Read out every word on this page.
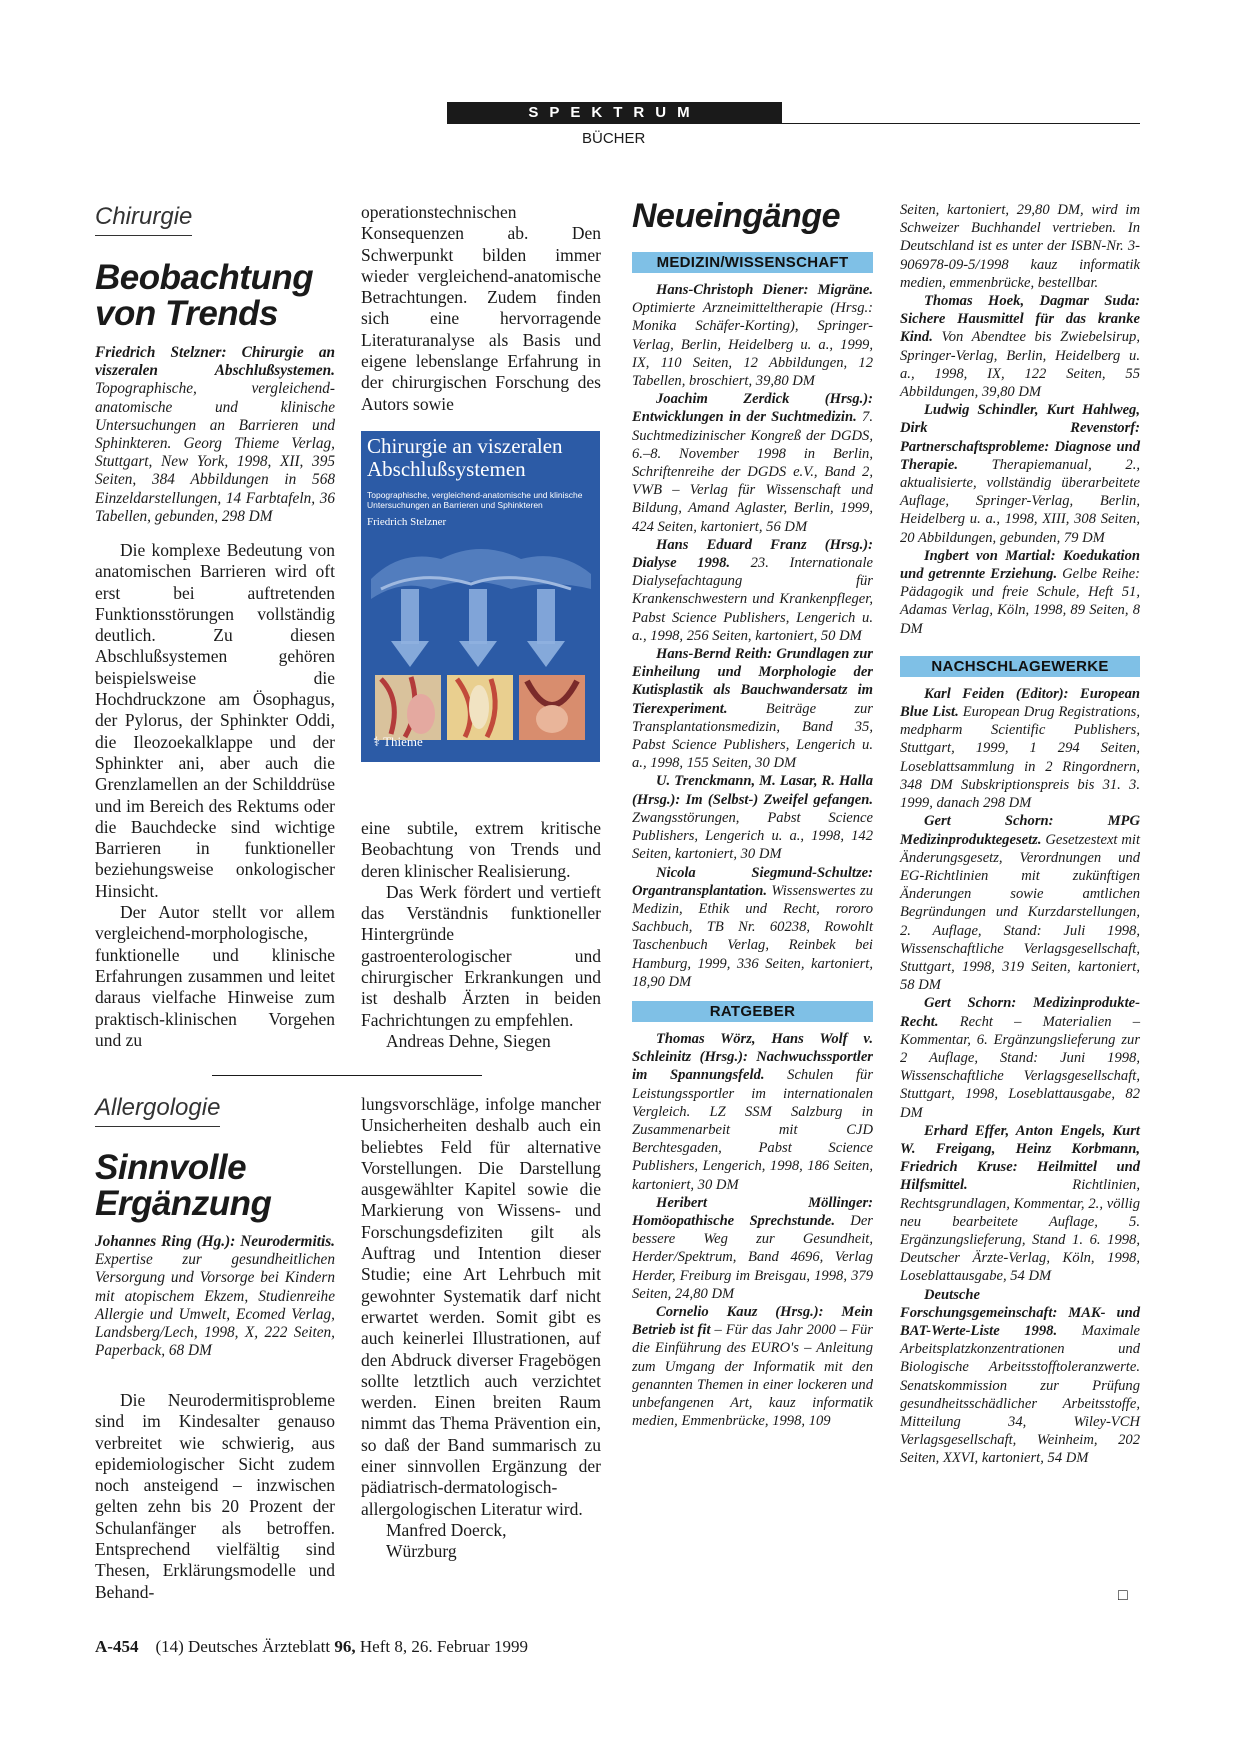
SPEKTRUM
BÜCHER
Chirurgie
Beobachtung von Trends
Friedrich Stelzner: Chirurgie an viszeralen Abschlußsystemen. Topographische, vergleichend-anatomische und klinische Untersuchungen an Barrieren und Sphinkteren. Georg Thieme Verlag, Stuttgart, New York, 1998, XII, 395 Seiten, 384 Abbildungen in 568 Einzeldarstellungen, 14 Farbtafeln, 36 Tabellen, gebunden, 298 DM

Die komplexe Bedeutung von anatomischen Barrieren wird oft erst bei auftretenden Funktionsstörungen vollständig deutlich. Zu diesen Abschlußsystemen gehören beispielsweise die Hochdruckzone am Ösophagus, der Pylorus, der Sphinkter Oddi, die Ileozoekalklappe und der Sphinkter ani, aber auch die Grenzlamellen an der Schilddrüse und im Bereich des Rektums oder die Bauchdecke sind wichtige Barrieren in funktioneller beziehungsweise onkologischer Hinsicht.

Der Autor stellt vor allem vergleichend-morphologische, funktionelle und klinische Erfahrungen zusammen und leitet daraus vielfache Hinweise zum praktisch-klinischen Vorgehen und zu

operationstechnischen Konsequenzen ab. Den Schwerpunkt bilden immer wieder vergleichend-anatomische Betrachtungen. Zudem finden sich eine hervorragende Literaturanalyse als Basis und eigene lebenslange Erfahrung in der chirurgischen Forschung des Autors sowie

Chirurgie an viszeralen Abschlußsystemen
Topographische, vergleichend-anatomische und klinische Untersuchungen an Barrieren und Sphinkteren
Friedrich Stelzner
⚕ Thieme

eine subtile, extrem kritische Beobachtung von Trends und deren klinischer Realisierung.

Das Werk fördert und vertieft das Verständnis funktioneller Hintergründe gastroenterologischer und chirurgischer Erkrankungen und ist deshalb Ärzten in beiden Fachrichtungen zu empfehlen.

Andreas Dehne, Siegen

Allergologie
Sinnvolle Ergänzung
Johannes Ring (Hg.): Neurodermitis. Expertise zur gesundheitlichen Versorgung und Vorsorge bei Kindern mit atopischem Ekzem, Studienreihe Allergie und Umwelt, Ecomed Verlag, Landsberg/Lech, 1998, X, 222 Seiten, Paperback, 68 DM

Die Neurodermitisprobleme sind im Kindesalter genauso verbreitet wie schwierig, aus epidemiologischer Sicht zudem noch ansteigend – inzwischen gelten zehn bis 20 Prozent der Schulanfänger als betroffen. Entsprechend vielfältig sind Thesen, Erklärungsmodelle und Behand-

lungsvorschläge, infolge mancher Unsicherheiten deshalb auch ein beliebtes Feld für alternative Vorstellungen. Die Darstellung ausgewählter Kapitel sowie die Markierung von Wissens- und Forschungsdefiziten gilt als Auftrag und Intention dieser Studie; eine Art Lehrbuch mit gewohnter Systematik darf nicht erwartet werden. Somit gibt es auch keinerlei Illustrationen, auf den Abdruck diverser Fragebögen sollte letztlich auch verzichtet werden. Einen breiten Raum nimmt das Thema Prävention ein, so daß der Band summarisch zu einer sinnvollen Ergänzung der pädiatrisch-dermatologisch-allergologischen Literatur wird.

Manfred Doerck,

Würzburg

Neueingänge
MEDIZIN/WISSENSCHAFT

Hans-Christoph Diener: Migräne. Optimierte Arzneimitteltherapie (Hrsg.: Monika Schäfer-Korting), Springer-Verlag, Berlin, Heidelberg u. a., 1999, IX, 110 Seiten, 12 Abbildungen, 12 Tabellen, broschiert, 39,80 DM

Joachim Zerdick (Hrsg.): Entwicklungen in der Suchtmedizin. 7. Suchtmedizinischer Kongreß der DGDS, 6.–8. November 1998 in Berlin, Schriftenreihe der DGDS e.V., Band 2, VWB – Verlag für Wissenschaft und Bildung, Amand Aglaster, Berlin, 1999, 424 Seiten, kartoniert, 56 DM

Hans Eduard Franz (Hrsg.): Dialyse 1998. 23. Internationale Dialysefachtagung für Krankenschwestern und Krankenpfleger, Pabst Science Publishers, Lengerich u. a., 1998, 256 Seiten, kartoniert, 50 DM

Hans-Bernd Reith: Grundlagen zur Einheilung und Morphologie der Kutisplastik als Bauchwandersatz im Tierexperiment. Beiträge zur Transplantationsmedizin, Band 35, Pabst Science Publishers, Lengerich u. a., 1998, 155 Seiten, 30 DM

U. Trenckmann, M. Lasar, R. Halla (Hrsg.): Im (Selbst-) Zweifel gefangen. Zwangsstörungen, Pabst Science Publishers, Lengerich u. a., 1998, 142 Seiten, kartoniert, 30 DM

Nicola Siegmund-Schultze: Organtransplantation. Wissenswertes zu Medizin, Ethik und Recht, rororo Sachbuch, TB Nr. 60238, Rowohlt Taschenbuch Verlag, Reinbek bei Hamburg, 1999, 336 Seiten, kartoniert, 18,90 DM

RATGEBER

Thomas Wörz, Hans Wolf v. Schleinitz (Hrsg.): Nachwuchssportler im Spannungsfeld. Schulen für Leistungssportler im internationalen Vergleich. LZ SSM Salzburg in Zusammenarbeit mit CJD Berchtesgaden, Pabst Science Publishers, Lengerich, 1998, 186 Seiten, kartoniert, 30 DM

Heribert Möllinger: Homöopathische Sprechstunde. Der bessere Weg zur Gesundheit, Herder/Spektrum, Band 4696, Verlag Herder, Freiburg im Breisgau, 1998, 379 Seiten, 24,80 DM

Cornelio Kauz (Hrsg.): Mein Betrieb ist fit – Für das Jahr 2000 – Für die Einführung des EURO's – Anleitung zum Umgang der Informatik mit den genannten Themen in einer lockeren und unbefangenen Art, kauz informatik medien, Emmenbrücke, 1998, 109

Seiten, kartoniert, 29,80 DM, wird im Schweizer Buchhandel vertrieben. In Deutschland ist es unter der ISBN-Nr. 3-906978-09-5/1998 kauz informatik medien, emmenbrücke, bestellbar.

Thomas Hoek, Dagmar Suda: Sichere Hausmittel für das kranke Kind. Von Abendtee bis Zwiebelsirup, Springer-Verlag, Berlin, Heidelberg u. a., 1998, IX, 122 Seiten, 55 Abbildungen, 39,80 DM

Ludwig Schindler, Kurt Hahlweg, Dirk Revenstorf: Partnerschaftsprobleme: Diagnose und Therapie. Therapiemanual, 2., aktualisierte, vollständig überarbeitete Auflage, Springer-Verlag, Berlin, Heidelberg u. a., 1998, XIII, 308 Seiten, 20 Abbildungen, gebunden, 79 DM

Ingbert von Martial: Koedukation und getrennte Erziehung. Gelbe Reihe: Pädagogik und freie Schule, Heft 51, Adamas Verlag, Köln, 1998, 89 Seiten, 8 DM

NACHSCHLAGEWERKE

Karl Feiden (Editor): European Blue List. European Drug Registrations, medpharm Scientific Publishers, Stuttgart, 1999, 1 294 Seiten, Loseblattsammlung in 2 Ringordnern, 348 DM Subskriptionspreis bis 31. 3. 1999, danach 298 DM

Gert Schorn: MPG Medizinproduktegesetz. Gesetzestext mit Änderungsgesetz, Verordnungen und EG-Richtlinien mit zukünftigen Änderungen sowie amtlichen Begründungen und Kurzdarstellungen, 2. Auflage, Stand: Juli 1998, Wissenschaftliche Verlagsgesellschaft, Stuttgart, 1998, 319 Seiten, kartoniert, 58 DM

Gert Schorn: Medizinprodukte-Recht. Recht – Materialien – Kommentar, 6. Ergänzungslieferung zur 2 Auflage, Stand: Juni 1998, Wissenschaftliche Verlagsgesellschaft, Stuttgart, 1998, Loseblattausgabe, 82 DM

Erhard Effer, Anton Engels, Kurt W. Freigang, Heinz Korbmann, Friedrich Kruse: Heilmittel und Hilfsmittel. Richtlinien, Rechtsgrundlagen, Kommentar, 2., völlig neu bearbeitete Auflage, 5. Ergänzungslieferung, Stand 1. 6. 1998, Deutscher Ärzte-Verlag, Köln, 1998, Loseblattausgabe, 54 DM

Deutsche Forschungsgemeinschaft: MAK- und BAT-Werte-Liste 1998. Maximale Arbeitsplatzkonzentrationen und Biologische Arbeitsstofftoleranzwerte. Senatskommission zur Prüfung gesundheitsschädlicher Arbeitsstoffe, Mitteilung 34, Wiley-VCH Verlagsgesellschaft, Weinheim, 202 Seiten, XXVI, kartoniert, 54 DM

□
A-454 (14) Deutsches Ärzteblatt 96, Heft 8, 26. Februar 1999
